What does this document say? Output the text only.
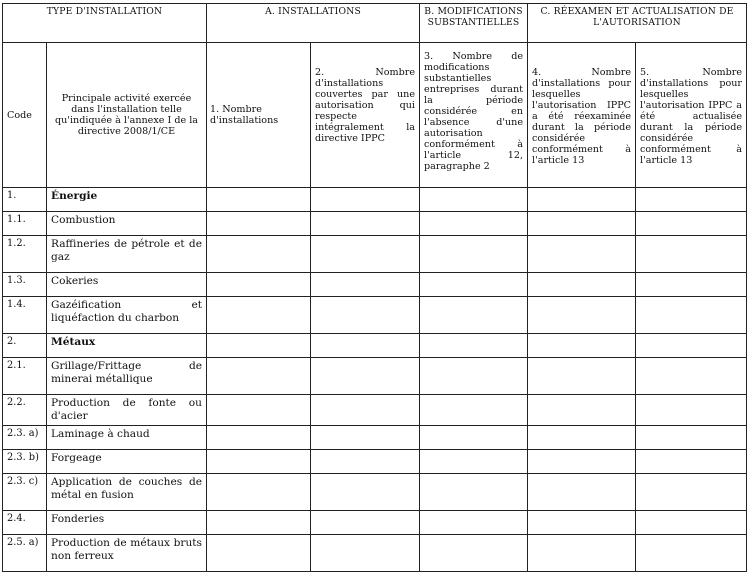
TYPE D'INSTALLATION		A. INSTALLATIONS		B. MODIFICATIONS SUBSTANTIELLES	C. RÉEXAMEN ET ACTUALISATION DE L'AUTORISATION	
Code	Principale activité exercée dans l'installation telle qu'indiquée à l'annexe I de la directive 2008/1/CE	1. Nombre d'installations	2. Nombre d'installations couvertes par une autorisation qui respecte intégralement la directive IPPC	3. Nombre de modifications substantielles entreprises durant la période considérée en l'absence d'une autorisation conformément à l'article 12, paragraphe 2	4. Nombre d'installations pour lesquelles l'autorisation IPPC a été réexaminée durant la période considérée conformément à l'article 13	5. Nombre d'installations pour lesquelles l'autorisation IPPC a été actualisée durant la période considérée conformément à l'article 13
1.	Énergie					
1.1.	Combustion					
1.2.	Raffineries de pétrole et de gaz					
1.3.	Cokeries					
1.4.	Gazéification et liquéfaction du charbon					
2.	Métaux					
2.1.	Grillage/Frittage de minerai métallique					
2.2.	Production de fonte ou d'acier					
2.3. a)	Laminage à chaud					
2.3. b)	Forgeage					
2.3. c)	Application de couches de métal en fusion					
2.4.	Fonderies					
2.5. a)	Production de métaux bruts non ferreux					
